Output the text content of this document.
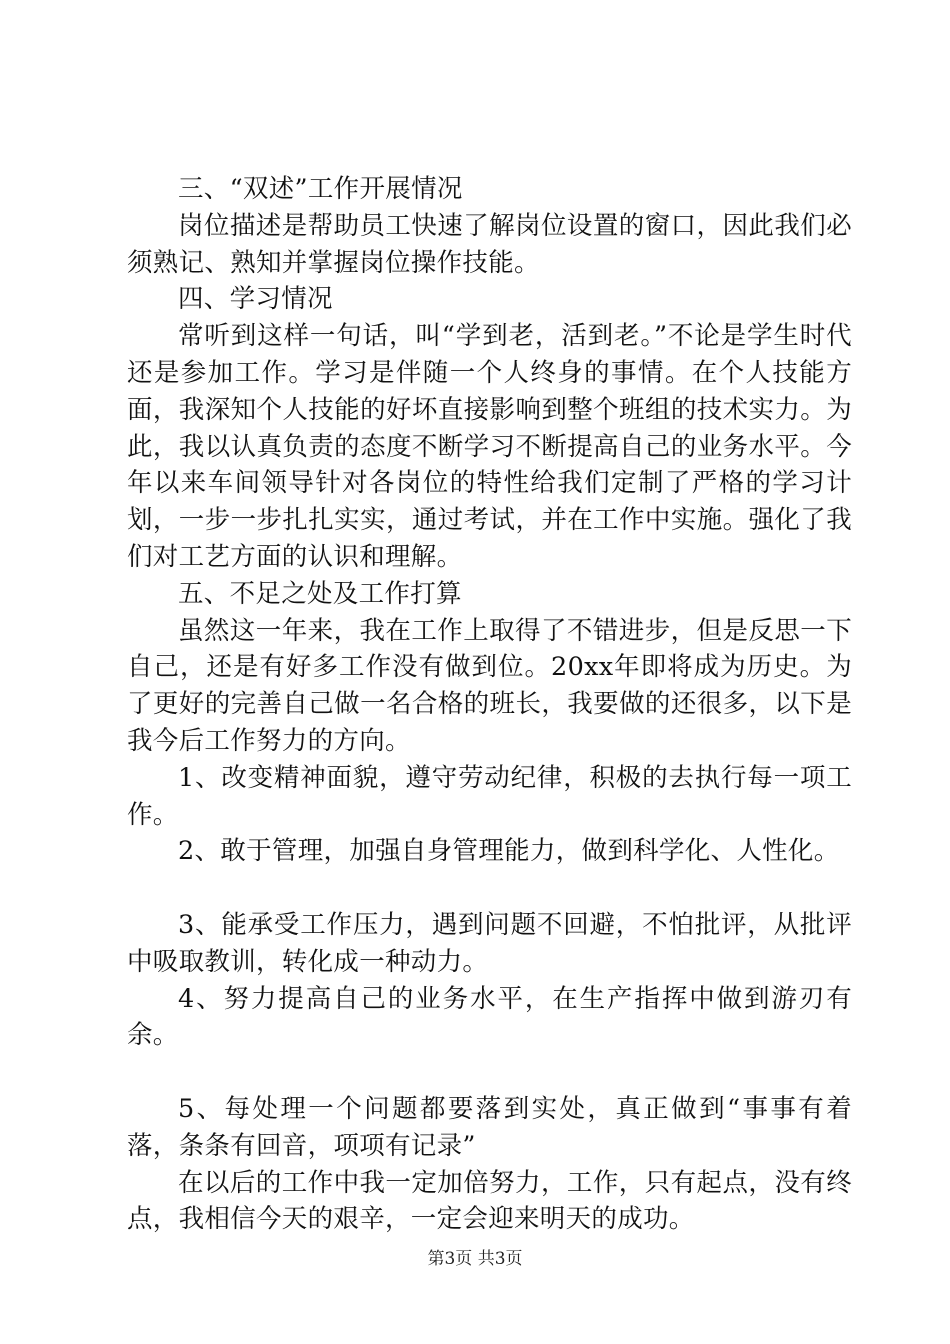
三、“双述”工作开展情况

岗位描述是帮助员工快速了解岗位设置的窗口，因此我们必须熟记、熟知并掌握岗位操作技能。

四、学习情况

常听到这样一句话，叫“学到老，活到老。”不论是学生时代还是参加工作。学习是伴随一个人终身的事情。在个人技能方面，我深知个人技能的好坏直接影响到整个班组的技术实力。为此，我以认真负责的态度不断学习不断提高自己的业务水平。今年以来车间领导针对各岗位的特性给我们定制了严格的学习计划，一步一步扎扎实实，通过考试，并在工作中实施。强化了我们对工艺方面的认识和理解。

五、不足之处及工作打算

虽然这一年来，我在工作上取得了不错进步，但是反思一下自己，还是有好多工作没有做到位。20xx年即将成为历史。为了更好的完善自己做一名合格的班长，我要做的还很多，以下是我今后工作努力的方向。

1、改变精神面貌，遵守劳动纪律，积极的去执行每一项工作。

2、敢于管理，加强自身管理能力，做到科学化、人性化。

3、能承受工作压力，遇到问题不回避，不怕批评，从批评中吸取教训，转化成一种动力。

4、努力提高自己的业务水平，在生产指挥中做到游刃有余。

5、每处理一个问题都要落到实处，真正做到“事事有着落，条条有回音，项项有记录”

在以后的工作中我一定加倍努力，工作，只有起点，没有终点，我相信今天的艰辛，一定会迎来明天的成功。

第3页 共3页
